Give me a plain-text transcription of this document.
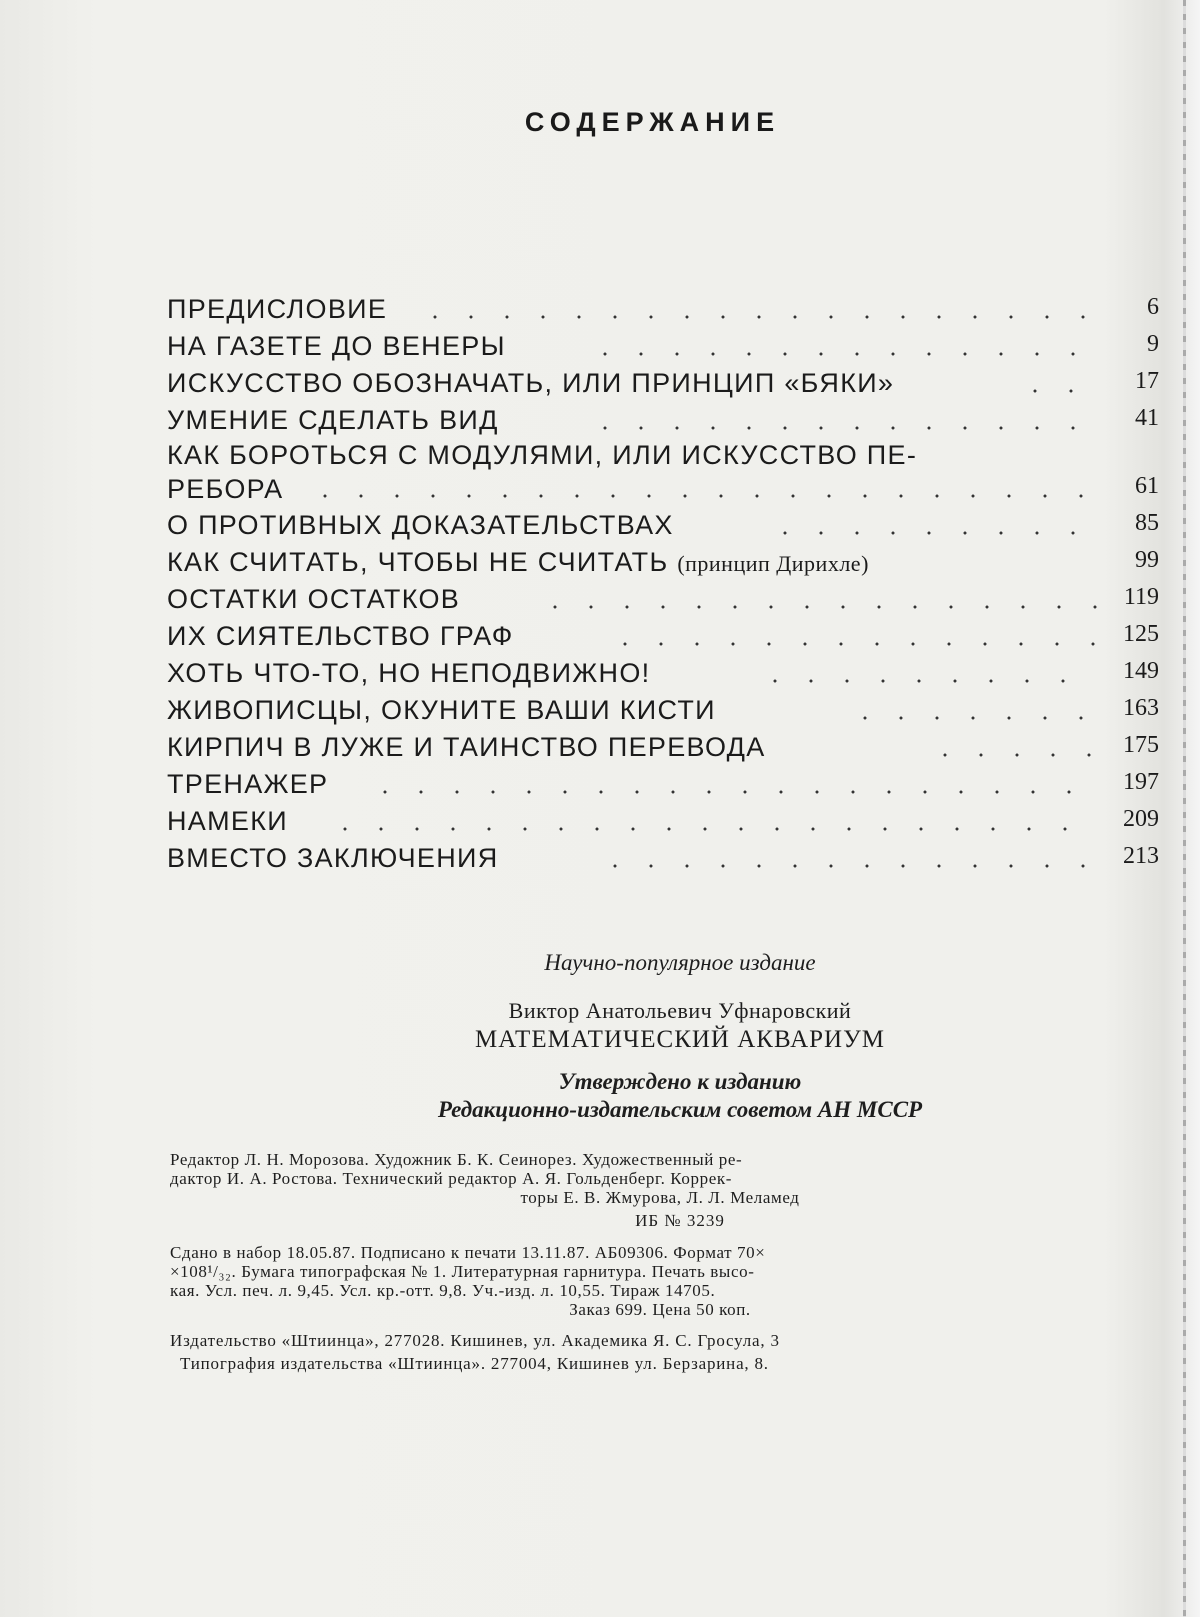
СОДЕРЖАНИЕ
ПРЕДИСЛОВИЕ	6
НА ГАЗЕТЕ ДО ВЕНЕРЫ	9
ИСКУССТВО ОБОЗНАЧАТЬ, ИЛИ ПРИНЦИП «БЯКИ»	17
УМЕНИЕ СДЕЛАТЬ ВИД	41
КАК БОРОТЬСЯ С МОДУЛЯМИ, ИЛИ ИСКУССТВО ПЕ-
РЕБОРА	61
О ПРОТИВНЫХ ДОКАЗАТЕЛЬСТВАХ	85
КАК СЧИТАТЬ, ЧТОБЫ НЕ СЧИТАТЬ (принцип Дирихле)	99
ОСТАТКИ ОСТАТКОВ	119
ИХ СИЯТЕЛЬСТВО ГРАФ	125
ХОТЬ ЧТО-ТО, НО НЕПОДВИЖНО!	149
ЖИВОПИСЦЫ, ОКУНИТЕ ВАШИ КИСТИ	163
КИРПИЧ В ЛУЖЕ И ТАИНСТВО ПЕРЕВОДА	175
ТРЕНАЖЕР	197
НАМЕКИ	209
ВМЕСТО ЗАКЛЮЧЕНИЯ	213
Научно-популярное издание
Виктор Анатольевич Уфнаровский
МАТЕМАТИЧЕСКИЙ АКВАРИУМ
Утверждено к изданию
Редакционно-издательским советом АН МССР
Редактор Л. Н. Морозова. Художник Б. К. Сеинорез. Художественный ре-
дактор И. А. Ростова. Технический редактор А. Я. Гольденберг. Коррек-
торы Е. В. Жмурова, Л. Л. Меламед
ИБ № 3239
Сдано в набор 18.05.87. Подписано к печати 13.11.87. АБ09306. Формат 70×
×108¹/₃₂. Бумага типографская № 1. Литературная гарнитура. Печать высо-
кая. Усл. печ. л. 9,45. Усл. кр.-отт. 9,8. Уч.-изд. л. 10,55. Тираж 14705.
Заказ 699. Цена 50 коп.
Издательство «Штиинца», 277028. Кишинев, ул. Академика Я. С. Гросула, 3
Типография издательства «Штиинца». 277004, Кишинев ул. Берзарина, 8.
